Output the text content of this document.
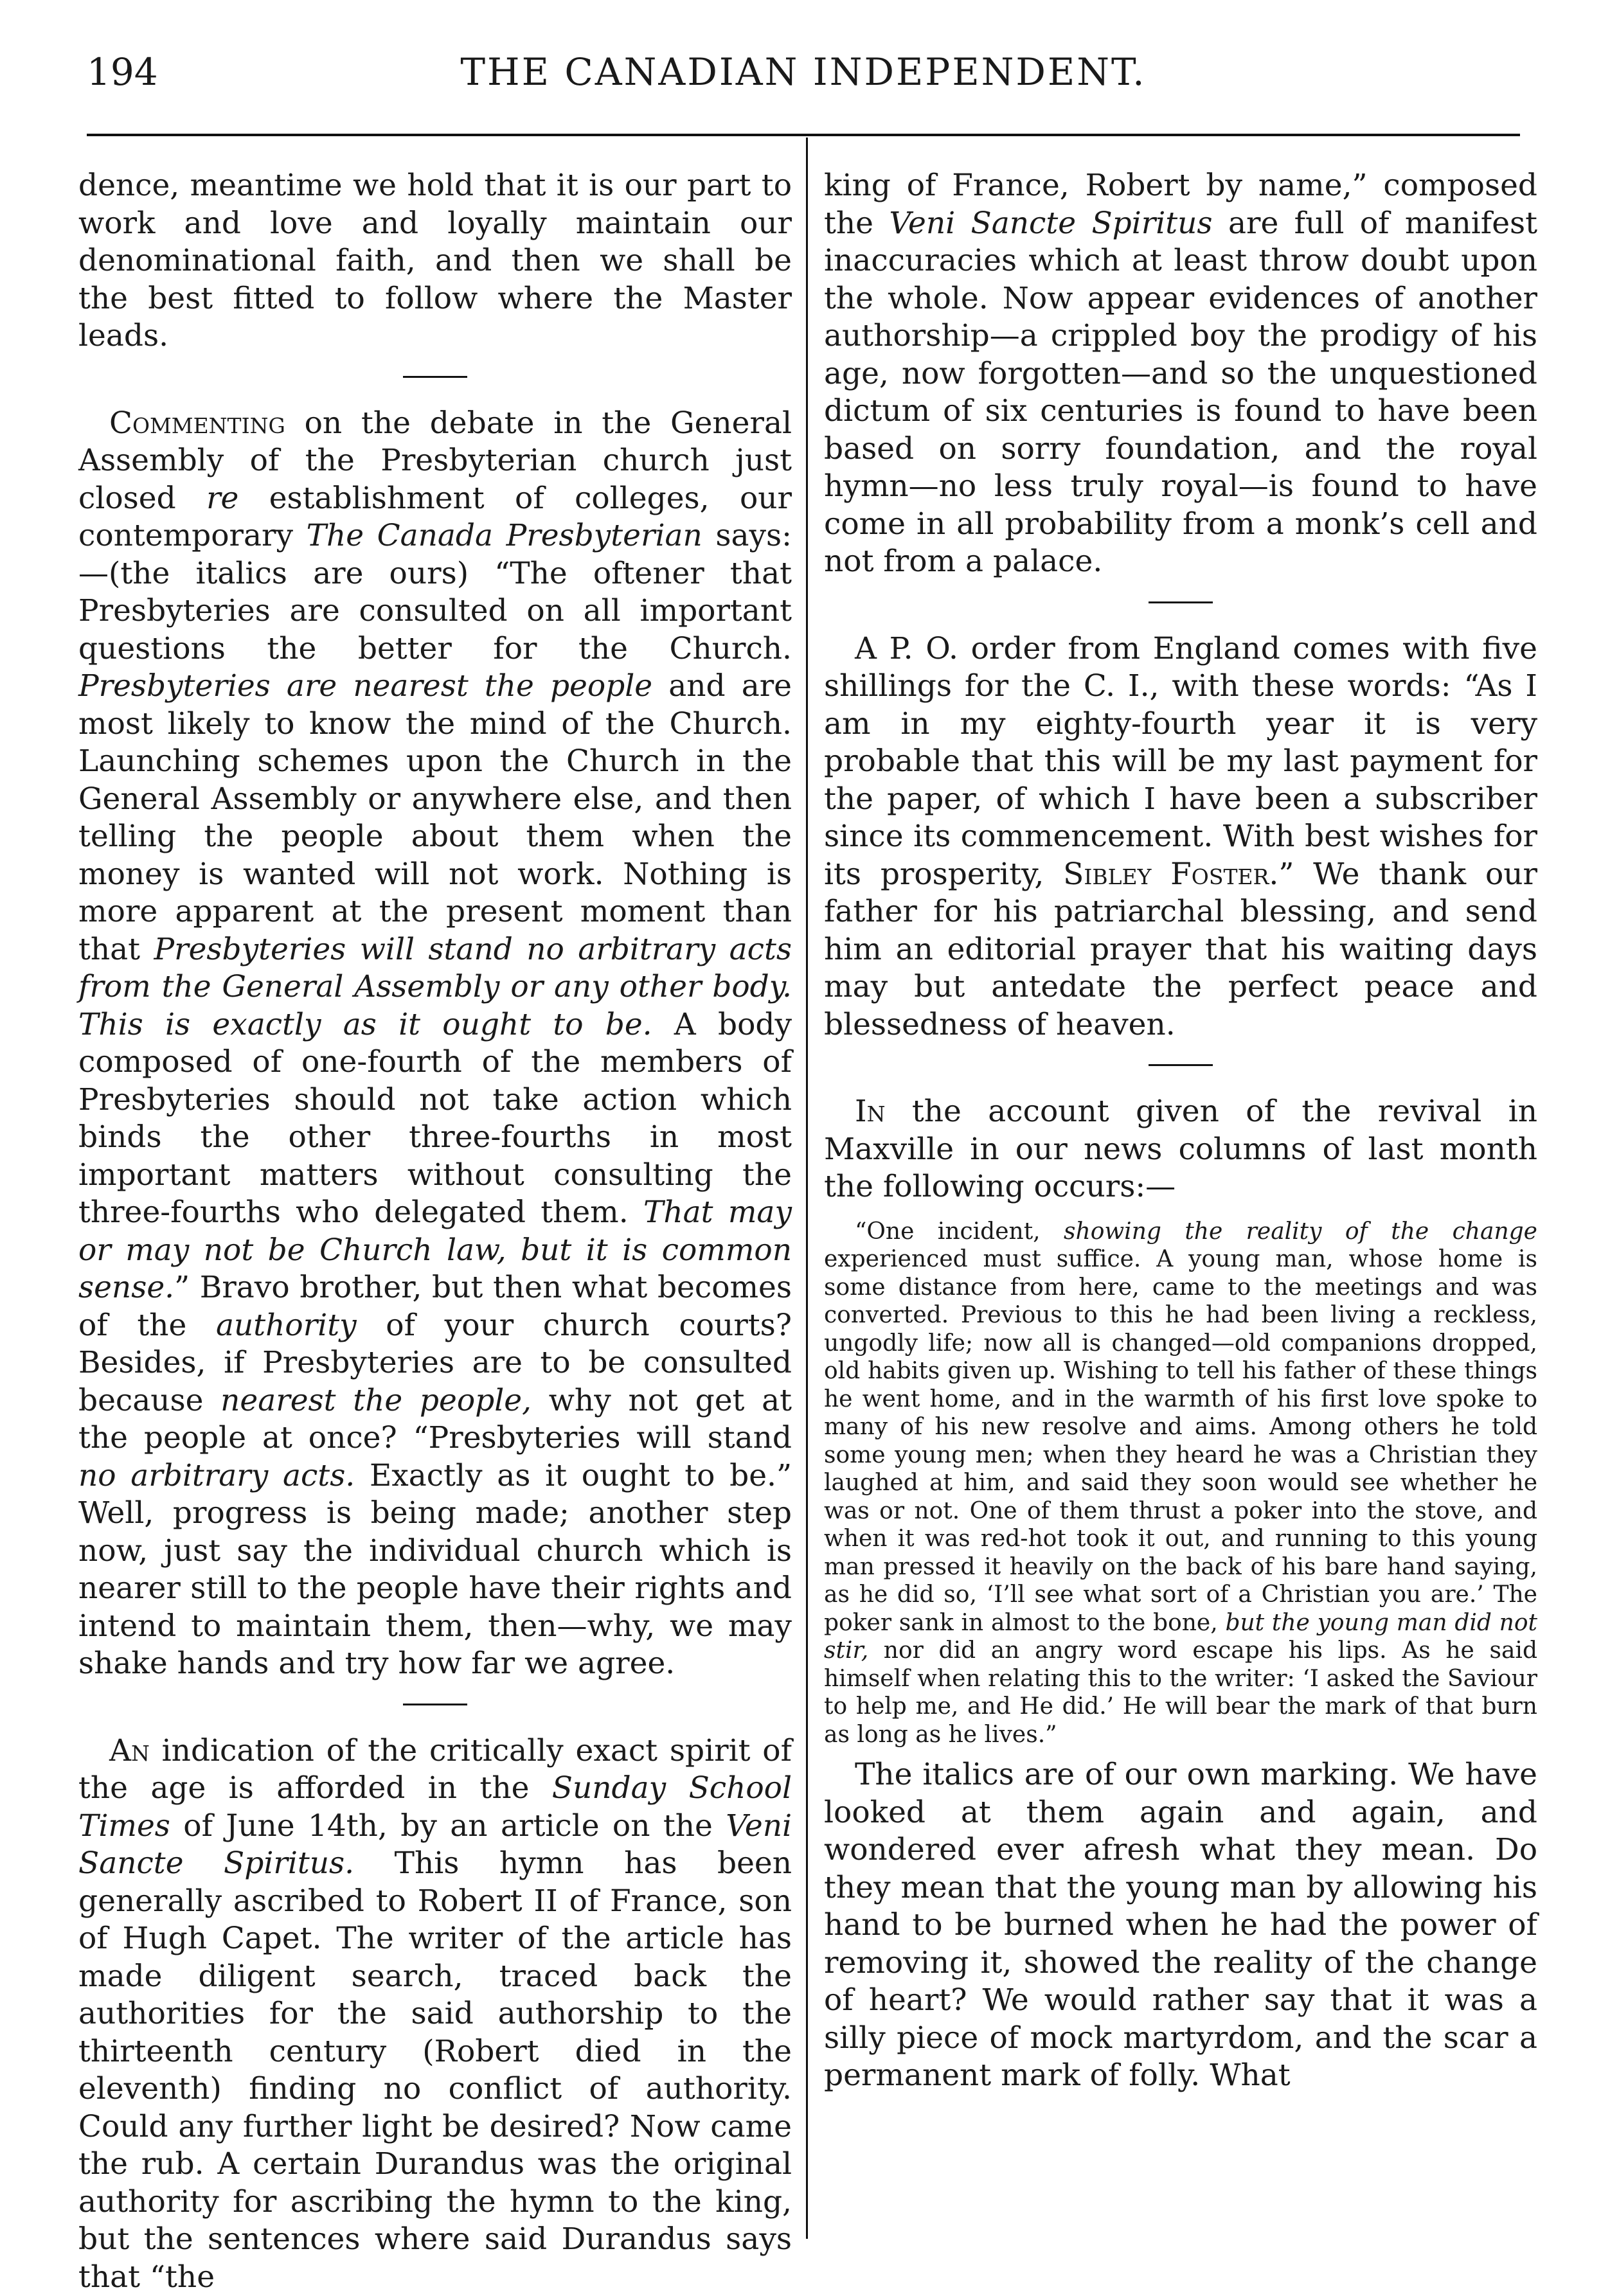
194	THE CANADIAN INDEPENDENT.

dence, meantime we hold that it is our part to work and love and loyally maintain our denominational faith, and then we shall be the best fitted to follow where the Master leads.

Commenting on the debate in the General Assembly of the Presbyterian church just closed re establishment of colleges, our contemporary The Canada Presbyterian says:—(the italics are ours) “The oftener that Presbyteries are consulted on all important questions the better for the Church. Presbyteries are nearest the people and are most likely to know the mind of the Church. Launching schemes upon the Church in the General Assembly or anywhere else, and then telling the people about them when the money is wanted will not work. Nothing is more apparent at the present moment than that Presbyteries will stand no arbitrary acts from the General Assembly or any other body. This is exactly as it ought to be. A body composed of one-fourth of the members of Presbyteries should not take action which binds the other three-fourths in most important matters without consulting the three-fourths who delegated them. That may or may not be Church law, but it is common sense.” Bravo brother, but then what becomes of the authority of your church courts? Besides, if Presbyteries are to be consulted because nearest the people, why not get at the people at once? “Presbyteries will stand no arbitrary acts. Exactly as it ought to be.” Well, progress is being made; another step now, just say the individual church which is nearer still to the people have their rights and intend to maintain them, then—why, we may shake hands and try how far we agree.

An indication of the critically exact spirit of the age is afforded in the Sunday School Times of June 14th, by an article on the Veni Sancte Spiritus. This hymn has been generally ascribed to Robert II of France, son of Hugh Capet. The writer of the article has made diligent search, traced back the authorities for the said authorship to the thirteenth century (Robert died in the eleventh) finding no conflict of authority. Could any further light be desired? Now came the rub. A certain Durandus was the original authority for ascribing the hymn to the king, but the sentences where said Durandus says that “the

king of France, Robert by name,” composed the Veni Sancte Spiritus are full of manifest inaccuracies which at least throw doubt upon the whole. Now appear evidences of another authorship—a crippled boy the prodigy of his age, now forgotten—and so the unquestioned dictum of six centuries is found to have been based on sorry foundation, and the royal hymn—no less truly royal—is found to have come in all probability from a monk’s cell and not from a palace.

A P. O. order from England comes with five shillings for the C. I., with these words: “As I am in my eighty-fourth year it is very probable that this will be my last payment for the paper, of which I have been a subscriber since its commencement. With best wishes for its prosperity, Sibley Foster.” We thank our father for his patriarchal blessing, and send him an editorial prayer that his waiting days may but antedate the perfect peace and blessedness of heaven.

In the account given of the revival in Maxville in our news columns of last month the following occurs:—

“One incident, showing the reality of the change experienced must suffice. A young man, whose home is some distance from here, came to the meetings and was converted. Previous to this he had been living a reckless, ungodly life; now all is changed—old companions dropped, old habits given up. Wishing to tell his father of these things he went home, and in the warmth of his first love spoke to many of his new resolve and aims. Among others he told some young men; when they heard he was a Christian they laughed at him, and said they soon would see whether he was or not. One of them thrust a poker into the stove, and when it was red-hot took it out, and running to this young man pressed it heavily on the back of his bare hand saying, as he did so, ‘I’ll see what sort of a Christian you are.’ The poker sank in almost to the bone, but the young man did not stir, nor did an angry word escape his lips. As he said himself when relating this to the writer: ‘I asked the Saviour to help me, and He did.’ He will bear the mark of that burn as long as he lives.”

The italics are of our own marking. We have looked at them again and again, and wondered ever afresh what they mean. Do they mean that the young man by allowing his hand to be burned when he had the power of removing it, showed the reality of the change of heart? We would rather say that it was a silly piece of mock martyrdom, and the scar a permanent mark of folly. What
